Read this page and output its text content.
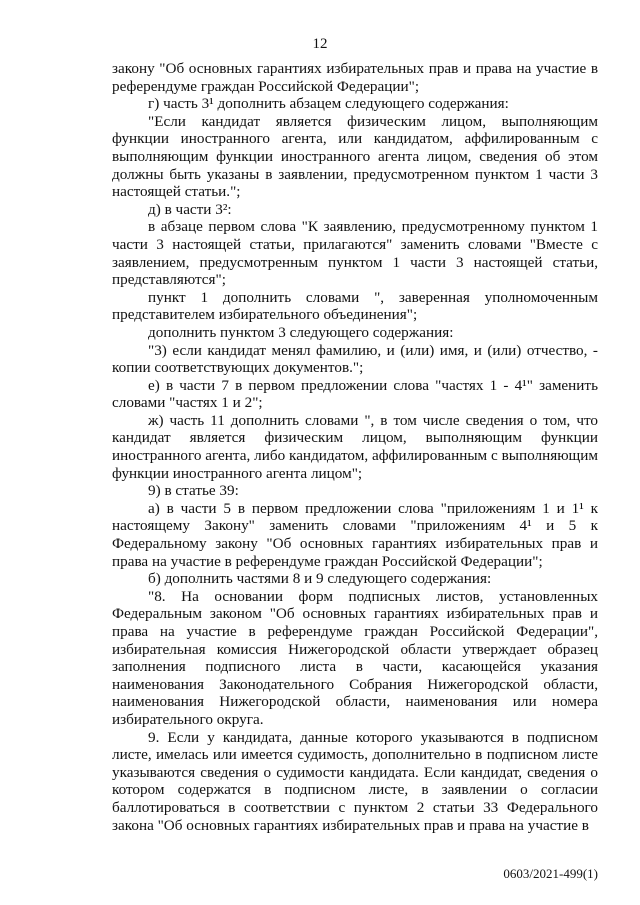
12

закону "Об основных гарантиях избирательных прав и права на участие в референдуме граждан Российской Федерации";

г) часть 3¹ дополнить абзацем следующего содержания:

"Если кандидат является физическим лицом, выполняющим функции иностранного агента, или кандидатом, аффилированным с выполняющим функции иностранного агента лицом, сведения об этом должны быть указаны в заявлении, предусмотренном пунктом 1 части 3 настоящей статьи.";

д) в части 3²:

в абзаце первом слова "К заявлению, предусмотренному пунктом 1 части 3 настоящей статьи, прилагаются" заменить словами "Вместе с заявлением, предусмотренным пунктом 1 части 3 настоящей статьи, представляются";

пункт 1 дополнить словами ", заверенная уполномоченным представителем избирательного объединения";

дополнить пунктом 3 следующего содержания:

"3) если кандидат менял фамилию, и (или) имя, и (или) отчество, - копии соответствующих документов.";

е) в части 7 в первом предложении слова "частях 1 - 4¹" заменить словами "частях 1 и 2";

ж) часть 11 дополнить словами ", в том числе сведения о том, что кандидат является физическим лицом, выполняющим функции иностранного агента, либо кандидатом, аффилированным с выполняющим функции иностранного агента лицом";

9) в статье 39:

а) в части 5 в первом предложении слова "приложениям 1 и 1¹ к настоящему Закону" заменить словами "приложениям 4¹ и 5 к Федеральному закону "Об основных гарантиях избирательных прав и права на участие в референдуме граждан Российской Федерации";

б) дополнить частями 8 и 9 следующего содержания:

"8. На основании форм подписных листов, установленных Федеральным законом "Об основных гарантиях избирательных прав и права на участие в референдуме граждан Российской Федерации", избирательная комиссия Нижегородской области утверждает образец заполнения подписного листа в части, касающейся указания наименования Законодательного Собрания Нижегородской области, наименования Нижегородской области, наименования или номера избирательного округа.

9. Если у кандидата, данные которого указываются в подписном листе, имелась или имеется судимость, дополнительно в подписном листе указываются сведения о судимости кандидата. Если кандидат, сведения о котором содержатся в подписном листе, в заявлении о согласии баллотироваться в соответствии с пунктом 2 статьи 33 Федерального закона "Об основных гарантиях избирательных прав и права на участие в

0603/2021-499(1)
